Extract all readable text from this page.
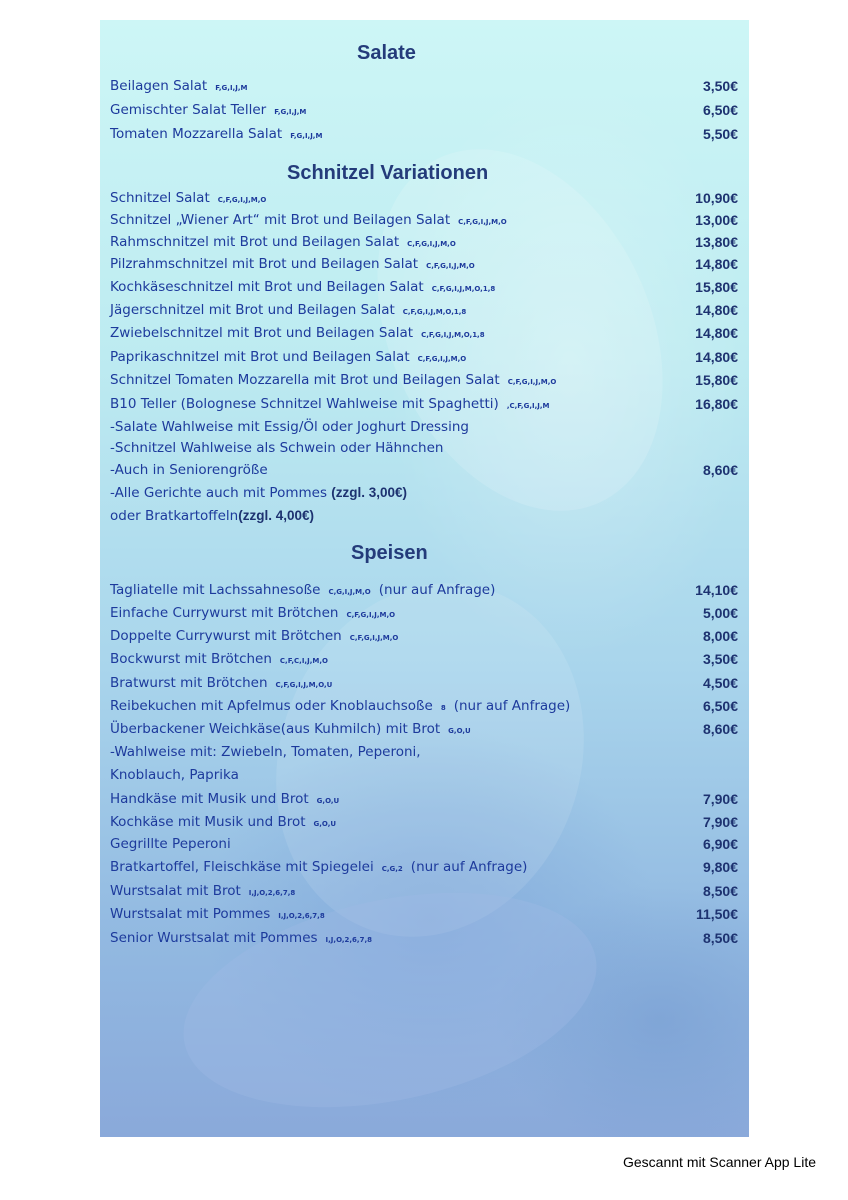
Salate
Beilagen Salat F,G,I,J,M	3,50€
Gemischter Salat Teller F,G,I,J,M	6,50€
Tomaten Mozzarella Salat F,G,I,J,M	5,50€
Schnitzel Variationen
Schnitzel Salat C,F,G,I,J,M,O	10,90€
Schnitzel „Wiener Art“ mit Brot und Beilagen Salat C,F,G,I,J,M,O	13,00€
Rahmschnitzel mit Brot und Beilagen Salat C,F,G,I,J,M,O	13,80€
Pilzrahmschnitzel mit Brot und Beilagen Salat C,F,G,I,J,M,O	14,80€
Kochkäseschnitzel mit Brot und Beilagen Salat C,F,G,I,J,M,O,1,8	15,80€
Jägerschnitzel mit Brot und Beilagen Salat C,F,G,I,J,M,O,1,8	14,80€
Zwiebelschnitzel mit Brot und Beilagen Salat C,F,G,I,J,M,O,1,8	14,80€
Paprikaschnitzel mit Brot und Beilagen Salat C,F,G,I,J,M,O	14,80€
Schnitzel Tomaten Mozzarella mit Brot und Beilagen Salat C,F,G,I,J,M,O	15,80€
B10 Teller (Bolognese Schnitzel Wahlweise mit Spaghetti) ,C,F,G,I,J,M	16,80€
-Salate Wahlweise mit Essig/Öl oder Joghurt Dressing
-Schnitzel Wahlweise als Schwein oder Hähnchen
-Auch in Seniorengröße	8,60€
-Alle Gerichte auch mit Pommes (zzgl. 3,00€)
oder Bratkartoffeln(zzgl. 4,00€)
Speisen
Tagliatelle mit Lachssahnesoße C,G,I,J,M,O (nur auf Anfrage)	14,10€
Einfache Currywurst mit Brötchen C,F,G,I,J,M,O	5,00€
Doppelte Currywurst mit Brötchen C,F,G,I,J,M,O	8,00€
Bockwurst mit Brötchen C,F,C,I,J,M,O	3,50€
Bratwurst mit Brötchen C,F,G,I,J,M,O,U	4,50€
Reibekuchen mit Apfelmus oder Knoblauchsoße 8 (nur auf Anfrage)	6,50€
Überbackener Weichkäse(aus Kuhmilch) mit Brot G,O,U	8,60€
-Wahlweise mit: Zwiebeln, Tomaten, Peperoni,
Knoblauch, Paprika
Handkäse mit Musik und Brot G,O,U	7,90€
Kochkäse mit Musik und Brot G,O,U	7,90€
Gegrillte Peperoni	6,90€
Bratkartoffel, Fleischkäse mit Spiegelei C,G,2 (nur auf Anfrage)	9,80€
Wurstsalat mit Brot I,J,O,2,6,7,8	8,50€
Wurstsalat mit Pommes I,J,O,2,6,7,8	11,50€
Senior Wurstsalat mit Pommes I,J,O,2,6,7,8	8,50€
Gescannt mit Scanner App Lite
